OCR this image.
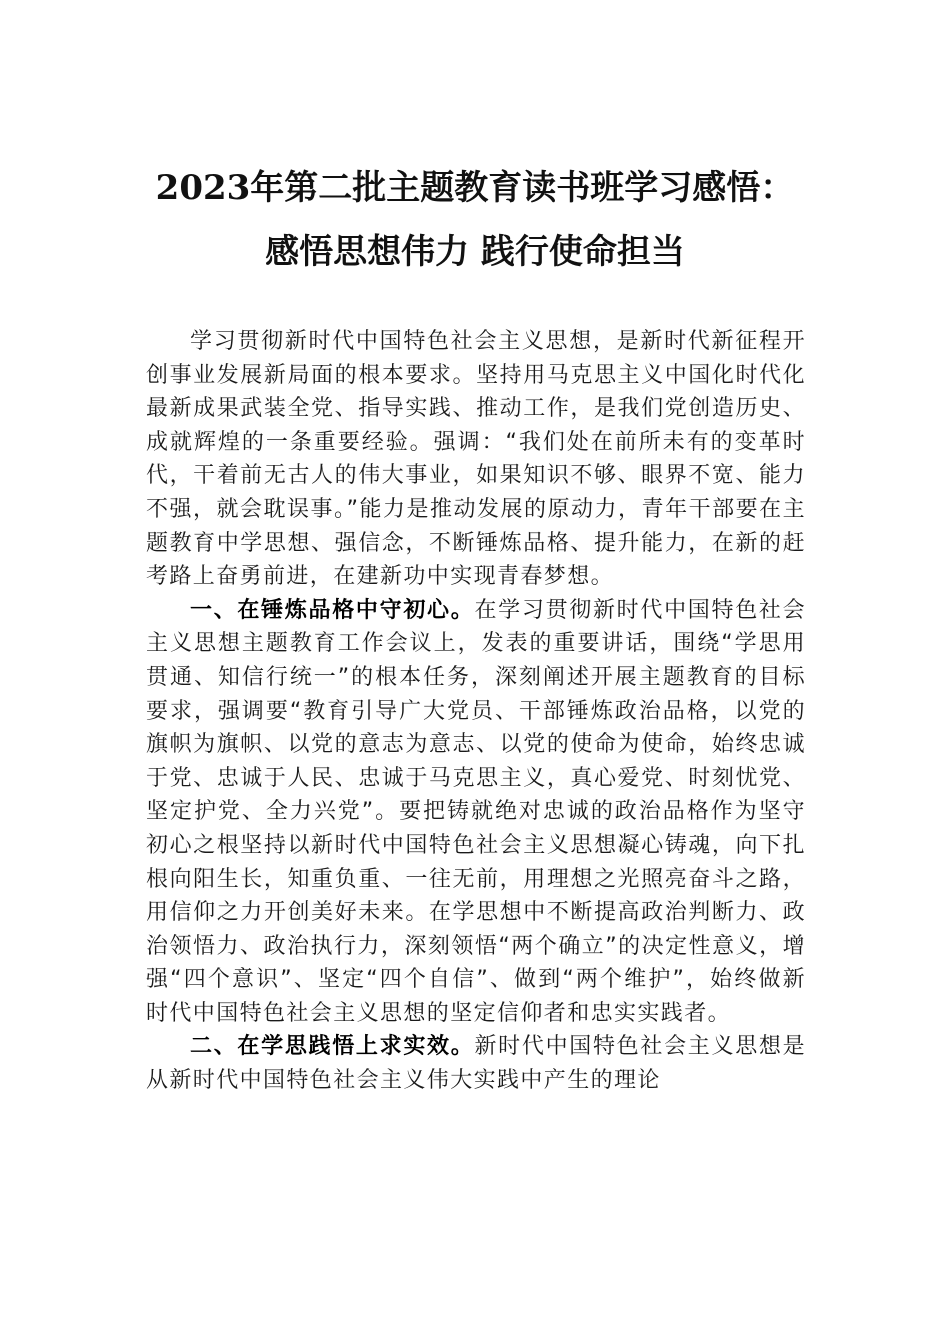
2023年第二批主题教育读书班学习感悟：
感悟思想伟力 践行使命担当

学习贯彻新时代中国特色社会主义思想，是新时代新征程开创事业发展新局面的根本要求。坚持用马克思主义中国化时代化最新成果武装全党、指导实践、推动工作，是我们党创造历史、成就辉煌的一条重要经验。强调：“我们处在前所未有的变革时代，干着前无古人的伟大事业，如果知识不够、眼界不宽、能力不强，就会耽误事。”能力是推动发展的原动力，青年干部要在主题教育中学思想、强信念，不断锤炼品格、提升能力，在新的赶考路上奋勇前进，在建新功中实现青春梦想。

一、在锤炼品格中守初心。在学习贯彻新时代中国特色社会主义思想主题教育工作会议上，发表的重要讲话，围绕“学思用贯通、知信行统一”的根本任务，深刻阐述开展主题教育的目标要求，强调要“教育引导广大党员、干部锤炼政治品格，以党的旗帜为旗帜、以党的意志为意志、以党的使命为使命，始终忠诚于党、忠诚于人民、忠诚于马克思主义，真心爱党、时刻忧党、坚定护党、全力兴党”。要把铸就绝对忠诚的政治品格作为坚守初心之根坚持以新时代中国特色社会主义思想凝心铸魂，向下扎根向阳生长，知重负重、一往无前，用理想之光照亮奋斗之路，用信仰之力开创美好未来。在学思想中不断提高政治判断力、政治领悟力、政治执行力，深刻领悟“两个确立”的决定性意义，增强“四个意识”、坚定“四个自信”、做到“两个维护”，始终做新时代中国特色社会主义思想的坚定信仰者和忠实实践者。

二、在学思践悟上求实效。新时代中国特色社会主义思想是从新时代中国特色社会主义伟大实践中产生的理论
